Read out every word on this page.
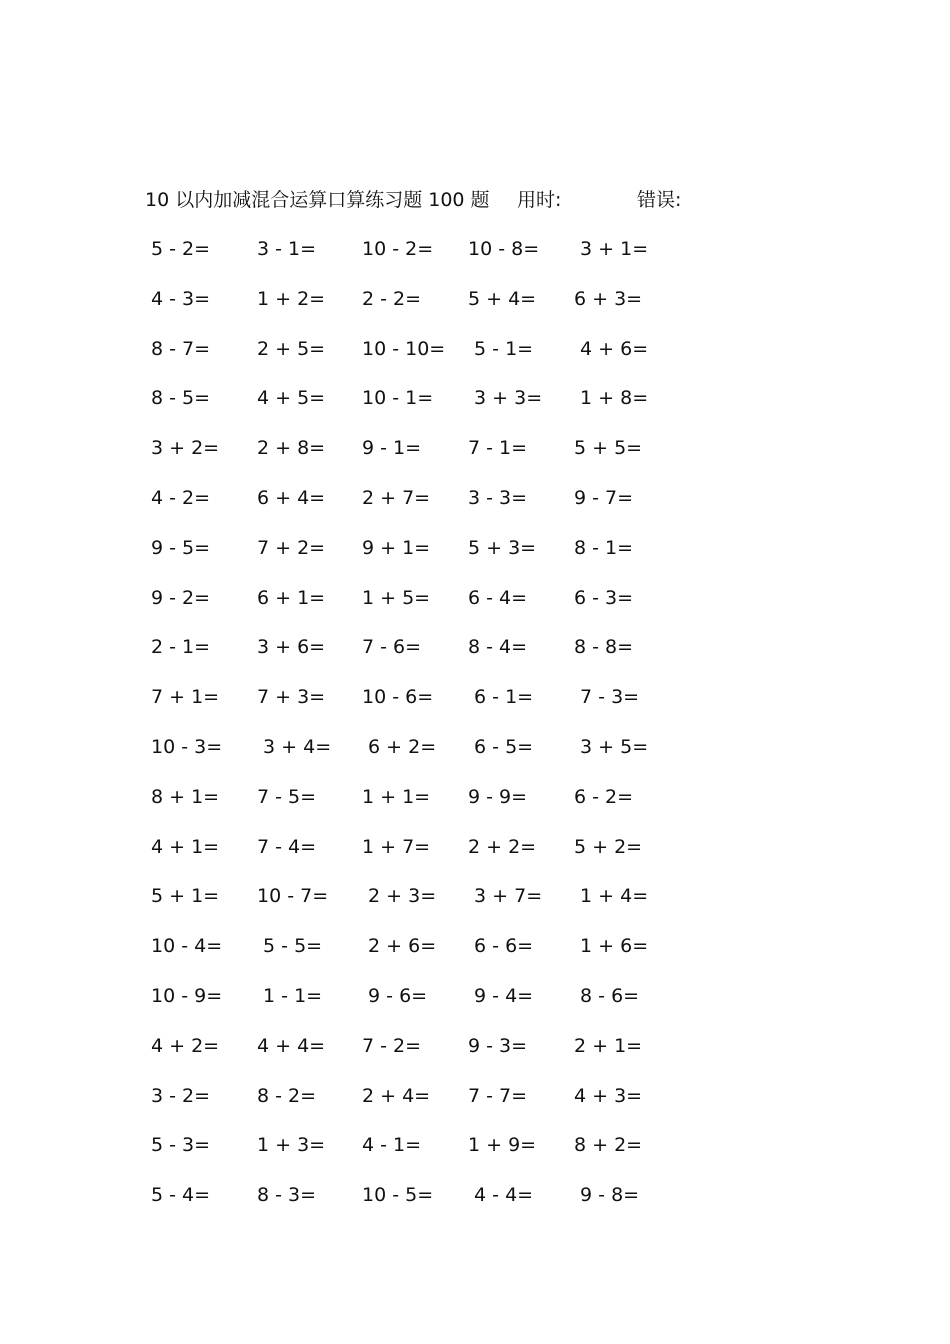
10 以内加减混合运算口算练习题 100 题 用时:	错误:
5 - 2= 3 - 1= 10 - 2= 10 - 8= 3 + 1=
4 - 3= 1 + 2= 2 - 2= 5 + 4= 6 + 3=
8 - 7= 2 + 5= 10 - 10= 5 - 1= 4 + 6=
8 - 5= 4 + 5= 10 - 1= 3 + 3= 1 + 8=
3 + 2= 2 + 8= 9 - 1= 7 - 1= 5 + 5=
4 - 2= 6 + 4= 2 + 7= 3 - 3= 9 - 7=
9 - 5= 7 + 2= 9 + 1= 5 + 3= 8 - 1=
9 - 2= 6 + 1= 1 + 5= 6 - 4= 6 - 3=
2 - 1= 3 + 6= 7 - 6= 8 - 4= 8 - 8=
7 + 1= 7 + 3= 10 - 6= 6 - 1= 7 - 3=
10 - 3= 3 + 4= 6 + 2= 6 - 5= 3 + 5=
8 + 1= 7 - 5= 1 + 1= 9 - 9= 6 - 2=
4 + 1= 7 - 4= 1 + 7= 2 + 2= 5 + 2=
5 + 1= 10 - 7= 2 + 3= 3 + 7= 1 + 4=
10 - 4= 5 - 5= 2 + 6= 6 - 6= 1 + 6=
10 - 9= 1 - 1= 9 - 6= 9 - 4= 8 - 6=
4 + 2= 4 + 4= 7 - 2= 9 - 3= 2 + 1=
3 - 2= 8 - 2= 2 + 4= 7 - 7= 4 + 3=
5 - 3= 1 + 3= 4 - 1= 1 + 9= 8 + 2=
5 - 4= 8 - 3= 10 - 5= 4 - 4= 9 - 8=
